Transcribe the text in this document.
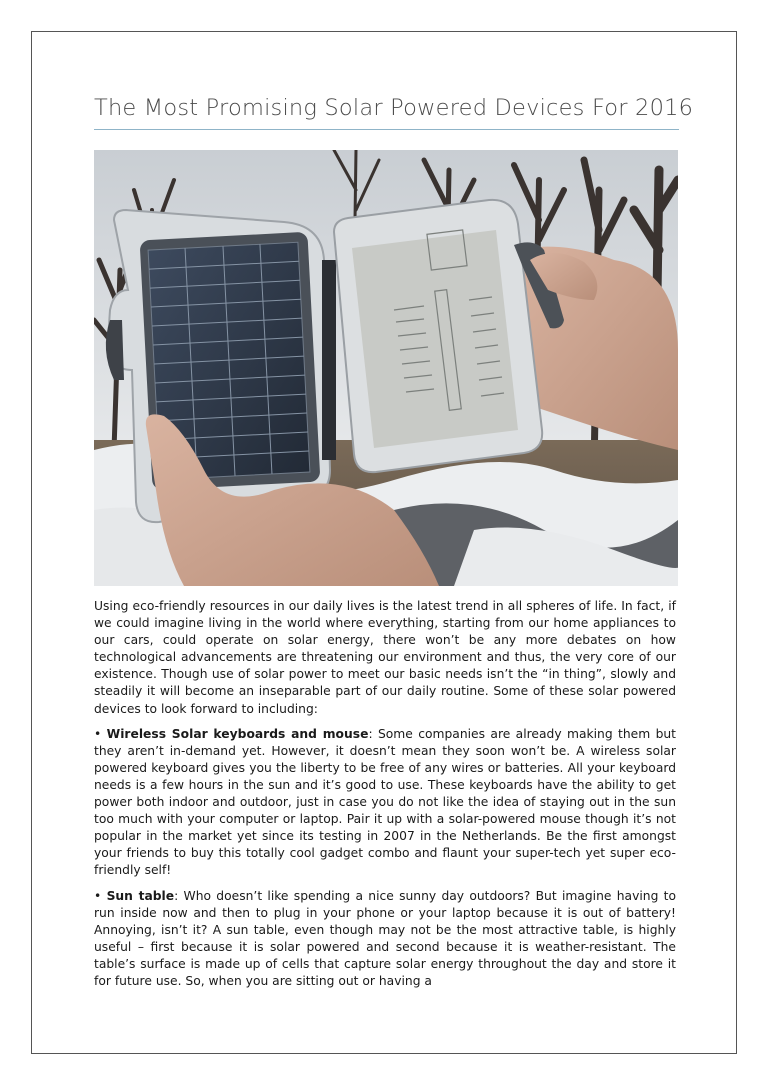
The Most Promising Solar Powered Devices For 2016

Using eco-friendly resources in our daily lives is the latest trend in all spheres of life. In fact, if we could imagine living in the world where everything, starting from our home appliances to our cars, could operate on solar energy, there won’t be any more debates on how technological advancements are threatening our environment and thus, the very core of our existence. Though use of solar power to meet our basic needs isn’t the “in thing”, slowly and steadily it will become an inseparable part of our daily routine. Some of these solar powered devices to look forward to including:

• Wireless Solar keyboards and mouse: Some companies are already making them but they aren’t in-demand yet. However, it doesn’t mean they soon won’t be. A wireless solar powered keyboard gives you the liberty to be free of any wires or batteries. All your keyboard needs is a few hours in the sun and it’s good to use. These keyboards have the ability to get power both indoor and outdoor, just in case you do not like the idea of staying out in the sun too much with your computer or laptop. Pair it up with a solar-powered mouse though it’s not popular in the market yet since its testing in 2007 in the Netherlands. Be the first amongst your friends to buy this totally cool gadget combo and flaunt your super-tech yet super eco-friendly self!

• Sun table: Who doesn’t like spending a nice sunny day outdoors? But imagine having to run inside now and then to plug in your phone or your laptop because it is out of battery! Annoying, isn’t it? A sun table, even though may not be the most attractive table, is highly useful – first because it is solar powered and second because it is weather-resistant. The table’s surface is made up of cells that capture solar energy throughout the day and store it for future use. So, when you are sitting out or having a
